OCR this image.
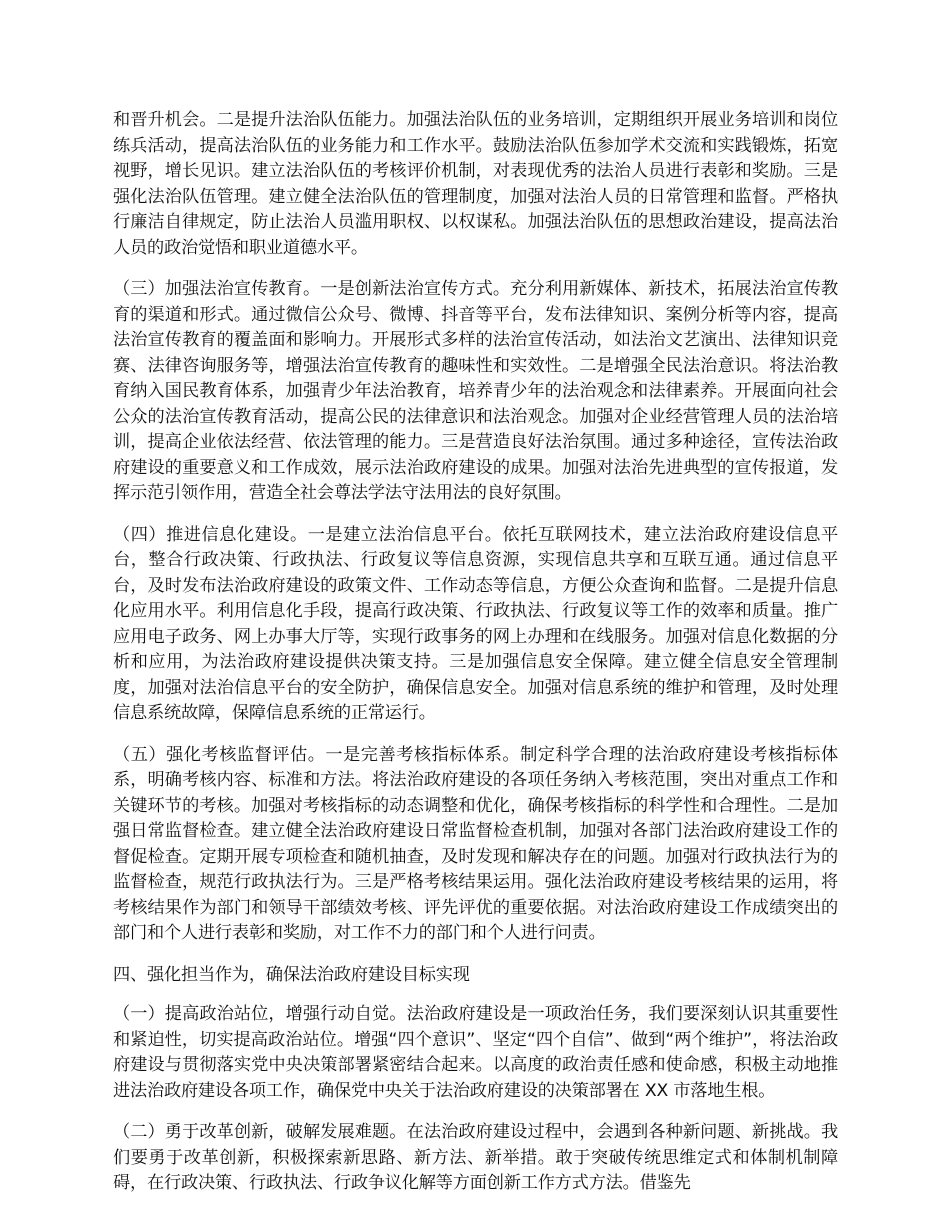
和晋升机会。二是提升法治队伍能力。加强法治队伍的业务培训，定期组织开展业务培训和岗位练兵活动，提高法治队伍的业务能力和工作水平。鼓励法治队伍参加学术交流和实践锻炼，拓宽视野，增长见识。建立法治队伍的考核评价机制，对表现优秀的法治人员进行表彰和奖励。三是强化法治队伍管理。建立健全法治队伍的管理制度，加强对法治人员的日常管理和监督。严格执行廉洁自律规定，防止法治人员滥用职权、以权谋私。加强法治队伍的思想政治建设，提高法治人员的政治觉悟和职业道德水平。

（三）加强法治宣传教育。一是创新法治宣传方式。充分利用新媒体、新技术，拓展法治宣传教育的渠道和形式。通过微信公众号、微博、抖音等平台，发布法律知识、案例分析等内容，提高法治宣传教育的覆盖面和影响力。开展形式多样的法治宣传活动，如法治文艺演出、法律知识竞赛、法律咨询服务等，增强法治宣传教育的趣味性和实效性。二是增强全民法治意识。将法治教育纳入国民教育体系，加强青少年法治教育，培养青少年的法治观念和法律素养。开展面向社会公众的法治宣传教育活动，提高公民的法律意识和法治观念。加强对企业经营管理人员的法治培训，提高企业依法经营、依法管理的能力。三是营造良好法治氛围。通过多种途径，宣传法治政府建设的重要意义和工作成效，展示法治政府建设的成果。加强对法治先进典型的宣传报道，发挥示范引领作用，营造全社会尊法学法守法用法的良好氛围。

（四）推进信息化建设。一是建立法治信息平台。依托互联网技术，建立法治政府建设信息平台，整合行政决策、行政执法、行政复议等信息资源，实现信息共享和互联互通。通过信息平台，及时发布法治政府建设的政策文件、工作动态等信息，方便公众查询和监督。二是提升信息化应用水平。利用信息化手段，提高行政决策、行政执法、行政复议等工作的效率和质量。推广应用电子政务、网上办事大厅等，实现行政事务的网上办理和在线服务。加强对信息化数据的分析和应用，为法治政府建设提供决策支持。三是加强信息安全保障。建立健全信息安全管理制度，加强对法治信息平台的安全防护，确保信息安全。加强对信息系统的维护和管理，及时处理信息系统故障，保障信息系统的正常运行。

（五）强化考核监督评估。一是完善考核指标体系。制定科学合理的法治政府建设考核指标体系，明确考核内容、标准和方法。将法治政府建设的各项任务纳入考核范围，突出对重点工作和关键环节的考核。加强对考核指标的动态调整和优化，确保考核指标的科学性和合理性。二是加强日常监督检查。建立健全法治政府建设日常监督检查机制，加强对各部门法治政府建设工作的督促检查。定期开展专项检查和随机抽查，及时发现和解决存在的问题。加强对行政执法行为的监督检查，规范行政执法行为。三是严格考核结果运用。强化法治政府建设考核结果的运用，将考核结果作为部门和领导干部绩效考核、评先评优的重要依据。对法治政府建设工作成绩突出的部门和个人进行表彰和奖励，对工作不力的部门和个人进行问责。

四、强化担当作为，确保法治政府建设目标实现

（一）提高政治站位，增强行动自觉。法治政府建设是一项政治任务，我们要深刻认识其重要性和紧迫性，切实提高政治站位。增强“四个意识”、坚定“四个自信”、做到“两个维护”，将法治政府建设与贯彻落实党中央决策部署紧密结合起来。以高度的政治责任感和使命感，积极主动地推进法治政府建设各项工作，确保党中央关于法治政府建设的决策部署在 XX 市落地生根。

（二）勇于改革创新，破解发展难题。在法治政府建设过程中，会遇到各种新问题、新挑战。我们要勇于改革创新，积极探索新思路、新方法、新举措。敢于突破传统思维定式和体制机制障碍，在行政决策、行政执法、行政争议化解等方面创新工作方式方法。借鉴先
